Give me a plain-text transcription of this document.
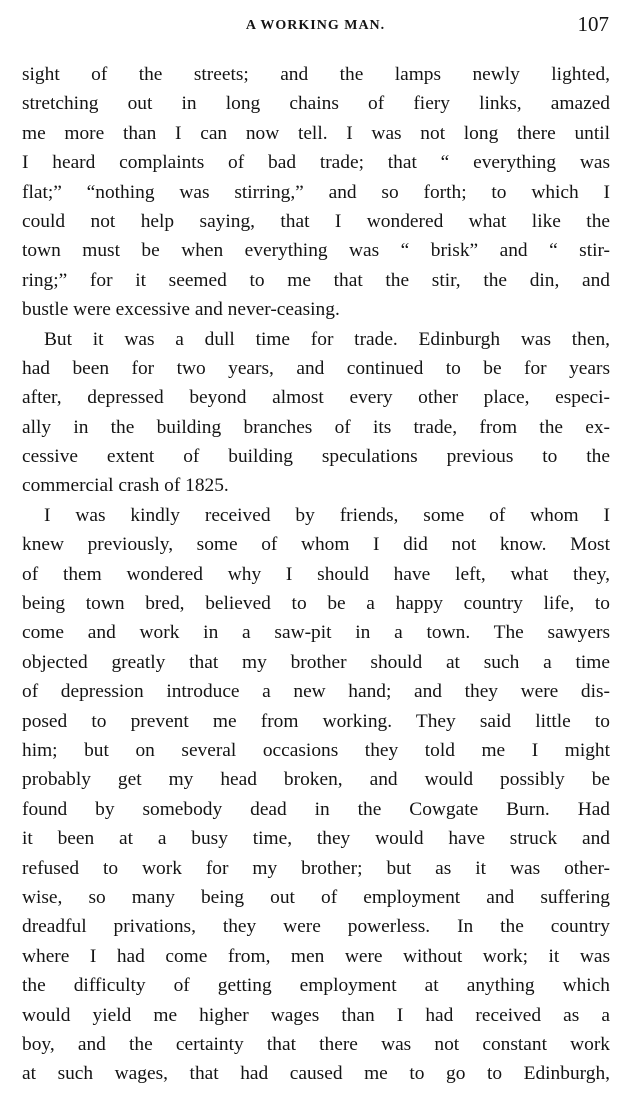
A WORKING MAN.	107
sight of the streets; and the lamps newly lighted,
stretching out in long chains of fiery links, amazed
me more than I can now tell. I was not long there until
I heard complaints of bad trade; that “ everything was
flat;” “nothing was stirring,” and so forth; to which I
could not help saying, that I wondered what like the
town must be when everything was “ brisk” and “ stir-
ring;” for it seemed to me that the stir, the din, and
bustle were excessive and never-ceasing.
But it was a dull time for trade. Edinburgh was then,
had been for two years, and continued to be for years
after, depressed beyond almost every other place, especi-
ally in the building branches of its trade, from the ex-
cessive extent of building speculations previous to the
commercial crash of 1825.
I was kindly received by friends, some of whom I
knew previously, some of whom I did not know. Most
of them wondered why I should have left, what they,
being town bred, believed to be a happy country life, to
come and work in a saw-pit in a town. The sawyers
objected greatly that my brother should at such a time
of depression introduce a new hand; and they were dis-
posed to prevent me from working. They said little to
him; but on several occasions they told me I might
probably get my head broken, and would possibly be
found by somebody dead in the Cowgate Burn. Had
it been at a busy time, they would have struck and
refused to work for my brother; but as it was other-
wise, so many being out of employment and suffering
dreadful privations, they were powerless. In the country
where I had come from, men were without work; it was
the difficulty of getting employment at anything which
would yield me higher wages than I had received as a
boy, and the certainty that there was not constant work
at such wages, that had caused me to go to Edinburgh,
